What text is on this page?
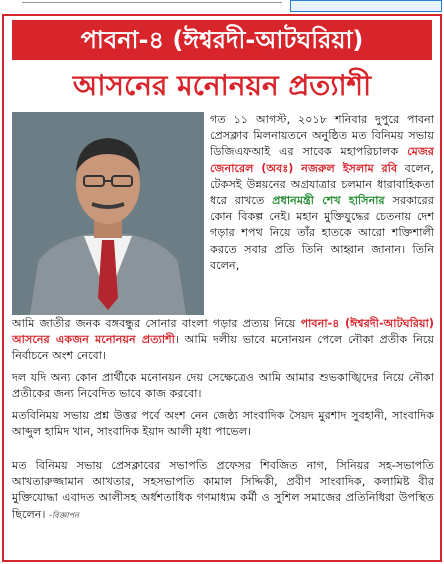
পাবনা-৪ (ঈশ্বরদী-আটঘরিয়া)
আসনের মনোনয়ন প্রত্যাশী

গত ১১ আগস্ট, ২০১৮ শনিবার দুপুরে পাবনা প্রেসক্লাব মিলনায়তনে অনুষ্ঠিত মত বিনিময় সভায় ডিজিএফআই এর সাবেক মহাপরিচালক মেজর জেনারেল (অবঃ) নজরুল ইসলাম রবি বলেন, টেকসই উন্নয়নের অগ্রযাত্রার চলমান ধারাবাহিকতা ধরে রাখতে প্রধানমন্ত্রী শেখ হাসিনার সরকারের কোন বিকল্প নেই। মহান মুক্তিযুদ্ধের চেতনায় দেশ গড়ার শপথ নিয়ে তাঁর হাতকে আরো শক্তিশালী করতে সবার প্রতি তিনি আহ্বান জানান। তিনি বলেন,

আমি জাতীর জনক বঙ্গবন্ধুর সোনার বাংলা গড়ার প্রত্যয় নিয়ে পাবনা-৪ (ঈশ্বরদী-আটঘরিয়া) আসনের একজন মনোনয়ন প্রত্যাশী। আমি দলীয় ভাবে মনোনয়ন পেলে নৌকা প্রতীক নিয়ে নির্বাচনে অংশ নেবো।

দল যদি অন্য কোন প্রার্থীকে মনোনয়ন দেয় সেক্ষেত্রেও আমি আমার শুভকাঙ্খিদের নিয়ে নৌকা প্রতীকের জন্য নিবেদিত ভাবে কাজ করবো।

মতবিনিময় সভায় প্রশ্ন উত্তর পর্বে অংশ নেন জেষ্ঠ্য সাংবাদিক সৈয়দ মুরশাদ সুবহানী, সাংবাদিক আব্দুল হামিদ খান, সাংবাদিক ইয়াদ আলী মৃধা পাভেল।

মত বিনিময় সভায় প্রেসক্লাবের সভাপতি প্রফেসর শিবজিত নাগ, সিনিয়র সহ-সভাপতি আখতারুজ্জামান আখতার, সহসভাপতি কামাল সিদ্দিকী, প্রবীণ সাংবাদিক, কলামিষ্ট বীর মুক্তিযোদ্ধা এবাদত আলীসহ অর্ধশতাধিক গণমাধ্যম কর্মী ও সুশিল সমাজের প্রতিনিধিরা উপস্থিত ছিলেন। -বিজ্ঞাপন
